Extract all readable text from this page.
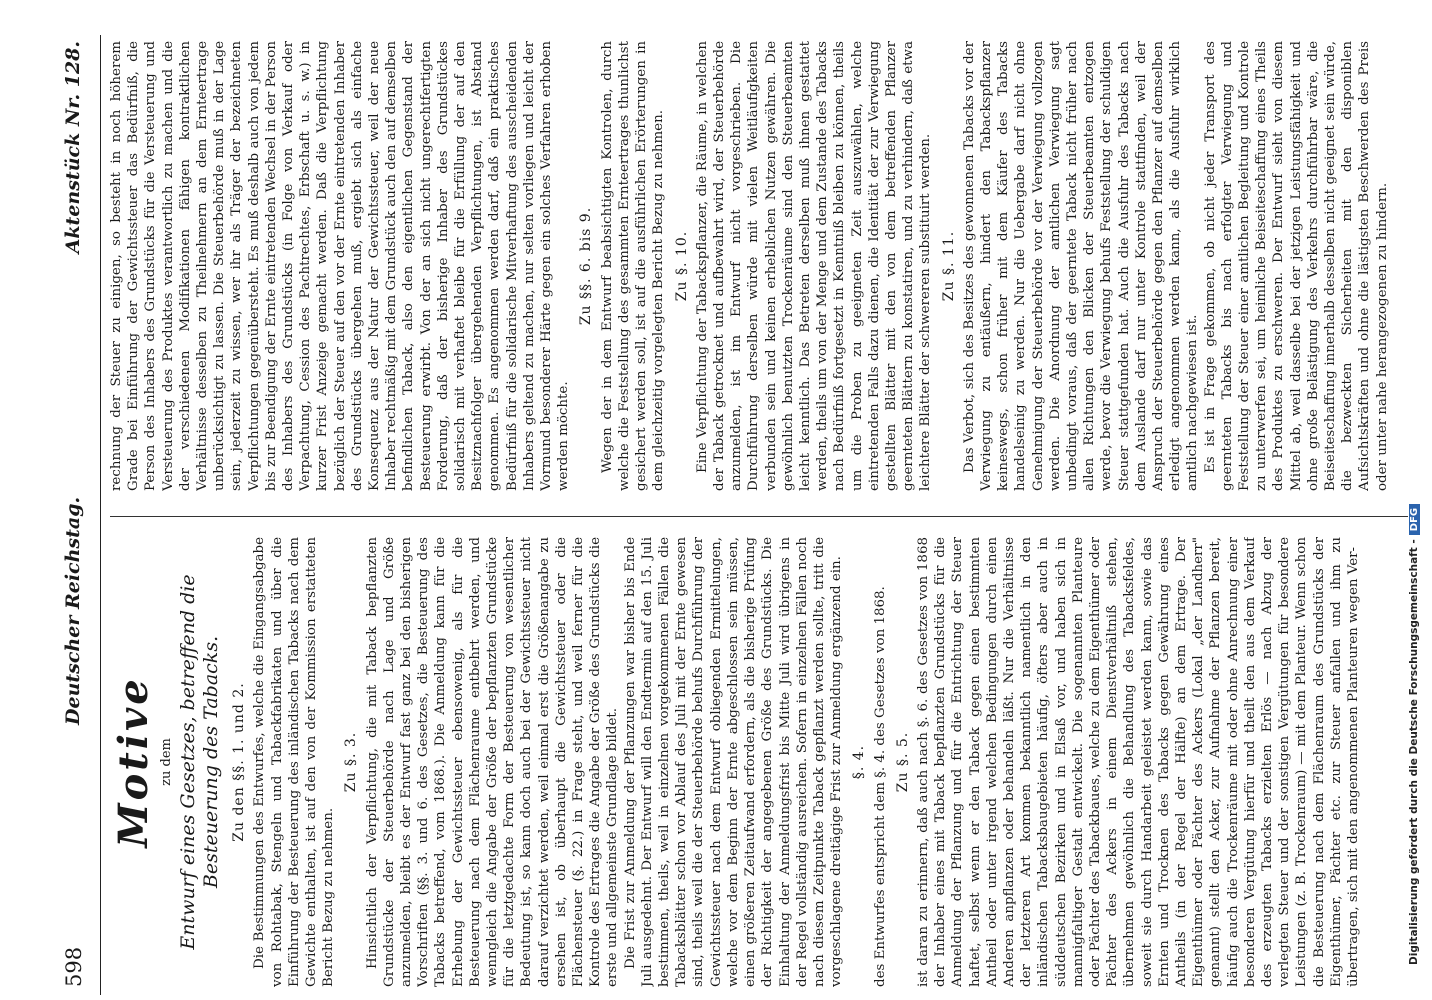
598
Deutscher Reichstag.
Aktenstück Nr. 128.
Motive zu dem Entwurf eines Gesetzes, betreffend die Besteuerung des Tabacks. Zu den §§. 1. und 2. Die Bestimmungen des Entwurfes, welche die Eingangsabgabe von Rohtabak, Stengeln und Tabackfabrikaten und über die Einführung der Besteuerung des inländischen Tabacks nach dem Gewichte enthalten, ist auf den von der Kommission erstatteten Bericht Bezug zu nehmen.

Zu §. 3. Hinsichtlich der Verpflichtung, die mit Taback bepflanzten Grundstücke der Steuerbehörde nach Lage und Größe anzumelden, bleibt es der Entwurf fast ganz bei den bisherigen Vorschriften (§§. 3. und 6. des Gesetzes, die Besteuerung des Tabacks betreffend, vom 1868.). Die Anmeldung kann für die Erhebung der Gewichtssteuer ebensowenig, als für die Besteuerung nach dem Flächenraume entbehrt werden, und wenngleich die Angabe der Größe der bepflanzten Grundstücke für die letztgedachte Form der Besteuerung von wesentlicher Bedeutung ist, so kann doch auch bei der Gewichtssteuer nicht darauf verzichtet werden, weil einmal erst die Größenangabe zu ersehen ist, ob überhaupt die Gewichtssteuer oder die Flächensteuer (§. 22.) in Frage steht, und weil ferner für die Kontrole des Ertrages die Angabe der Größe des Grundstücks die erste und allgemeinste Grundlage bildet. Die Frist zur Anmeldung der Pflanzungen war bisher bis Ende Juli ausgedehnt. Der Entwurf will den Endtermin auf den 15. Juli bestimmen, theils, weil in einzelnen vorgekommenen Fällen die Tabacksblätter schon vor Ablauf des Juli mit der Ernte gewesen sind, theils weil die der Steuerbehörde behufs Durchführung der Gewichtssteuer nach dem Entwurf obliegenden Ermittelungen, welche vor dem Beginn der Ernte abgeschlossen sein müssen, einen größeren Zeitaufwand erfordern, als die bisherige Prüfung der Richtigkeit der angegebenen Größe des Grundstücks. Die Einhaltung der Anmeldungsfrist bis Mitte Juli wird übrigens in der Regel vollständig ausreichen. Sofern in einzelnen Fällen noch nach diesem Zeitpunkte Taback gepflanzt werden sollte, tritt die vorgeschlagene dreitägige Frist zur Anmeldung ergänzend ein. §. 4. des Entwurfes entspricht dem §. 4. des Gesetzes von 1868. Zu §. 5. ist daran zu erinnern, daß auch nach §. 6. des Gesetzes von 1868 der Inhaber eines mit Taback bepflanzten Grundstücks für die Anmeldung der Pflanzung und für die Entrichtung der Steuer haftet, selbst wenn er den Taback gegen einen bestimmten Antheil oder unter irgend welchen Bedingungen durch einen Anderen anpflanzen oder behandeln läßt. Nur die Verhältnisse der letzteren Art kommen bekanntlich namentlich in den inländischen Tabacksbaugebieten häufig, öfters aber auch in süddeutschen Bezirken und in Elsaß vor, und haben sich in mannigfaltiger Gestalt entwickelt. Die sogenannten Planteure oder Pächter des Tabackbaues, welche zu dem Eigenthümer oder Pächter des Ackers in einem Dienstverhältniß stehen, übernehmen gewöhnlich die Behandlung des Tabacksfeldes, soweit sie durch Handarbeit geleistet werden kann, sowie das Ernten und Trocknen des Tabacks gegen Gewährung eines Antheils (in der Regel der Hälfte) an dem Ertrage. Der Eigenthümer oder Pächter des Ackers (Lokal „der Landherr" genannt) stellt den Acker, zur Aufnahme der Pflanzen bereit, häufig auch die Trockenräume mit oder ohne Anrechnung einer besonderen Vergütung hierfür und theilt den aus dem Verkauf des erzeugten Tabacks erzielten Erlös — nach Abzug der verlegten Steuer und der sonstigen Vergütungen für besondere Leistungen (z. B. Trockenraum) — mit dem Planteur. Wenn schon die Besteuerung nach dem Flächenraum des Grundstücks der Eigenthümer, Pächter etc. zur Steuer anfallen und ihm zu übertragen, sich mit den angenommenen Planteuren wegen Ver-

rechnung der Steuer zu einigen, so besteht in noch höherem Grade bei Einführung der Gewichtssteuer das Bedürfniß, die Person des Inhabers des Grundstücks für die Versteuerung und Versteuerung des Produktes verantwortlich zu machen und die der verschiedenen Modifikationen fähigen kontraktlichen Verhältnisse desselben zu Theilnehmern an dem Ernteertrage unberücksichtigt zu lassen. Die Steuerbehörde muß in der Lage sein, jederzeit zu wissen, wer ihr als Träger der bezeichneten Verpflichtungen gegenübersteht. Es muß deshalb auch von jedem bis zur Beendigung der Ernte eintretenden Wechsel in der Person des Inhabers des Grundstücks (in Folge von Verkauf oder Verpachtung, Cession des Pachtrechtes, Erbschaft u. s. w.) in kurzer Frist Anzeige gemacht werden. Daß die Verpflichtung bezüglich der Steuer auf den vor der Ernte eintretenden Inhaber des Grundstücks übergehen muß, ergiebt sich als einfache Konsequenz aus der Natur der Gewichtssteuer, weil der neue Inhaber rechtmäßig mit dem Grundstück auch den auf demselben befindlichen Taback, also den eigentlichen Gegenstand der Besteuerung erwirbt. Von der an sich nicht ungerechtfertigten Forderung, daß der bisherige Inhaber des Grundstückes solidarisch mit verhaftet bleibe für die Erfüllung der auf den Besitznachfolger übergehenden Verpflichtungen, ist Abstand genommen. Es angenommen werden darf, daß ein praktisches Bedürfniß für die solidarische Mitverhaftung des ausscheidenden Inhabers geltend zu machen, nur selten vorliegen und leicht der Vormund besonderer Härte gegen ein solches Verfahren erhoben werden möchte.

Zu §§. 6. bis 9. Wegen der in dem Entwurf beabsichtigten Kontrolen, durch welche die Feststellung des gesammten Ernteertrages thunlichst gesichert werden soll, ist auf die ausführlichen Erörterungen in dem gleichzeitig vorgelegten Bericht Bezug zu nehmen. Zu §. 10. Eine Verpflichtung der Tabackspflanzer, die Räume, in welchen der Taback getrocknet und aufbewahrt wird, der Steuerbehörde anzumelden, ist im Entwurf nicht vorgeschrieben. Die Durchführung derselben würde mit vielen Weitläufigkeiten verbunden sein und keinen erheblichen Nutzen gewähren. Die gewöhnlich benutzten Trockenräume sind den Steuerbeamten leicht kenntlich. Das Betreten derselben muß ihnen gestattet werden, theils um von der Menge und dem Zustande des Tabacks nach Bedürfniß fortgesetzt in Kenntniß bleiben zu können, theils um die Proben zu geeigneten Zeit auszuwählen, welche eintretenden Falls dazu dienen, die Identität der zur Verwiegung gestellten Blätter mit den von dem betreffenden Pflanzer geernteten Blättern zu konstatiren, und zu verhindern, daß etwa leichtere Blätter der schwereren substituirt werden. Zu §. 11. Das Verbot, sich des Besitzes des gewonnenen Tabacks vor der Verwiegung zu entäußern, hindert den Tabackspflanzer keineswegs, schon früher mit dem Käufer des Tabacks handelseinig zu werden. Nur die Uebergabe darf nicht ohne Genehmigung der Steuerbehörde vor der Verwiegung vollzogen werden. Die Anordnung der amtlichen Verwiegung sagt unbedingt voraus, daß der geerntete Taback nicht früher nach allen Richtungen den Blicken der Steuerbeamten entzogen werde, bevor die Verwiegung behufs Feststellung der schuldigen Steuer stattgefunden hat. Auch die Ausfuhr des Tabacks nach dem Auslande darf nur unter Kontrole stattfinden, weil der Anspruch der Steuerbehörde gegen den Pflanzer auf demselben erledigt angenommen werden kann, als die Ausfuhr wirklich amtlich nachgewiesen ist. Es ist in Frage gekommen, ob nicht jeder Transport des geernteten Tabacks bis nach erfolgter Verwiegung und Feststellung der Steuer einer amtlichen Begleitung und Kontrole zu unterwerfen sei, um heimliche Beiseiteschaffung eines Theils des Produktes zu erschweren. Der Entwurf sieht von diesem Mittel ab, weil dasselbe bei der jetzigen Leistungsfähigkeit und ohne große Belästigung des Verkehrs durchführbar wäre, die Beiseiteschaffung innerhalb desselben nicht geeignet sein würde, die bezweckten Sicherheiten mit den disponiblen Aufsichtskräften und ohne die lästigsten Beschwerden des Preis oder unter nahe herangezogenen zu hindern.

Digitalisierung gefördert durch die Deutsche Forschungsgemeinschaft -DFG
